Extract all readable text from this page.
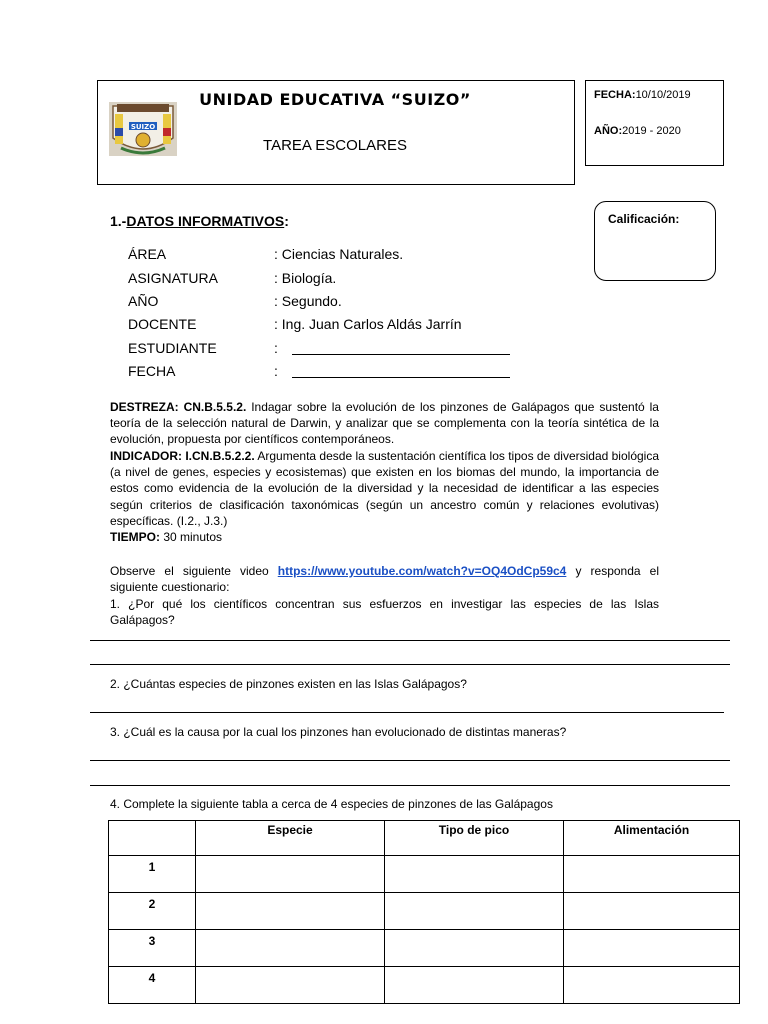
SUIZO
UNIDAD EDUCATIVA “SUIZO”
TAREA ESCOLARES
FECHA:10/10/2019
AÑO:2019 - 2020
Calificación:
1.-DATOS INFORMATIVOS:
ÁREA	: Ciencias Naturales.
ASIGNATURA	: Biología.
AÑO	: Segundo.
DOCENTE	: Ing. Juan Carlos Aldás Jarrín
ESTUDIANTE	:
FECHA	:
DESTREZA: CN.B.5.5.2. Indagar sobre la evolución de los pinzones de Galápagos que sustentó la teoría de la selección natural de Darwin, y analizar que se complementa con la teoría sintética de la evolución, propuesta por científicos contemporáneos.
INDICADOR: I.CN.B.5.2.2. Argumenta desde la sustentación científica los tipos de diversidad biológica (a nivel de genes, especies y ecosistemas) que existen en los biomas del mundo, la importancia de estos como evidencia de la evolución de la diversidad y la necesidad de identificar a las especies según criterios de clasificación taxonómicas (según un ancestro común y relaciones evolutivas) específicas. (I.2., J.3.)
TIEMPO: 30 minutos
Observe el siguiente video https://www.youtube.com/watch?v=OQ4OdCp59c4 y responda el siguiente cuestionario:
1. ¿Por qué los científicos concentran sus esfuerzos en investigar las especies de las Islas Galápagos?
2. ¿Cuántas especies de pinzones existen en las Islas Galápagos?
3. ¿Cuál es la causa por la cual los pinzones han evolucionado de distintas maneras?
4. Complete la siguiente tabla a cerca de 4 especies de pinzones de las Galápagos
	Especie	Tipo de pico	Alimentación
1			
2			
3			
4			
